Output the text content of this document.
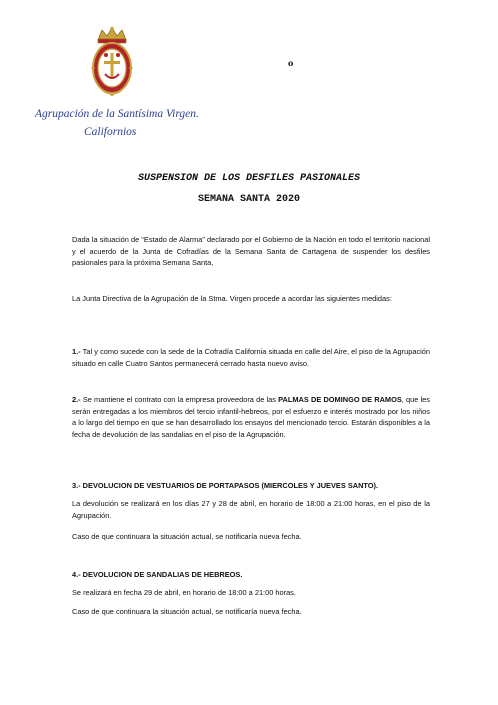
o
Agrupación de la Santísima Virgen.
Californios
SUSPENSION DE LOS DESFILES PASIONALES
SEMANA SANTA 2020

Dada la situación de “Estado de Alarma” declarado por el Gobierno de la Nación en todo el territorio nacional y el acuerdo de la Junta de Cofradías de la Semana Santa de Cartagena de suspender los desfiles pasionales para la próxima Semana Santa,

La Junta Directiva de la Agrupación de la Stma. Virgen procede a acordar las siguientes medidas:

1.- Tal y como sucede con la sede de la Cofradía California situada en calle del Aire, el piso de la Agrupación situado en calle Cuatro Santos permanecerá cerrado hasta nuevo aviso.

2.- Se mantiene el contrato con la empresa proveedora de las PALMAS DE DOMINGO DE RAMOS, que les serán entregadas a los miembros del tercio infantil-hebreos, por el esfuerzo e interés mostrado por los niños a lo largo del tiempo en que se han desarrollado los ensayos del mencionado tercio. Estarán disponibles a la fecha de devolución de las sandalias en el piso de la Agrupación.

3.- DEVOLUCION DE VESTUARIOS DE PORTAPASOS (MIERCOLES Y JUEVES SANTO).

La devolución se realizará en los días 27 y 28 de abril, en horario de 18:00 a 21:00 horas, en el piso de la Agrupación.

Caso de que continuara la situación actual, se notificaría nueva fecha.

4.- DEVOLUCION DE SANDALIAS DE HEBREOS.

Se realizará en fecha 29 de abril, en horario de 18:00 a 21:00 horas.

Caso de que continuara la situación actual, se notificaría nueva fecha.
